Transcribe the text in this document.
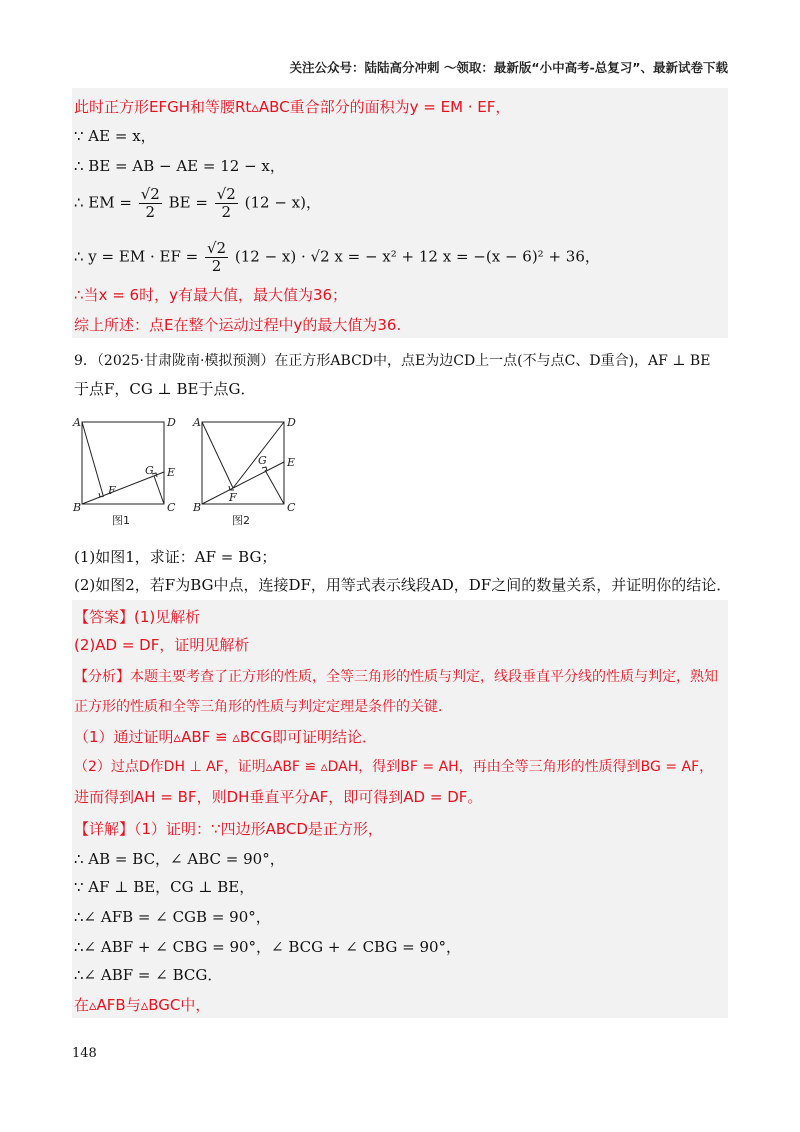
关注公众号：陆陆高分冲刺 ～领取：最新版“小中高考-总复习”、最新试卷下载
此时正方形EFGH和等腰Rt▵ABC重合部分的面积为y = EM · EF，
∵ AE = x，
∴ BE = AB − AE = 12 − x，
∴ EM = $\frac{√2}{2}$ BE = $\frac{√2}{2} (12 - x)$，
∴ y = EM · EF = $\frac{√2}{2} (12 - x) \cdot √2$ x = − x² + 12 x = −(x − 6)² + 36，
∴当x = 6时，y有最大值，最大值为36；
综上所述：点E在整个运动过程中y的最大值为36.
9．（2025·甘肃陇南·模拟预测）在正方形ABCD中，点E为边CD上一点(不与点C、D重合)，AF ⊥ BE
于点F，CG ⊥ BE于点G．
A
B	C
D
E
F
G
图1
A
B	C
D
E
F
G
图2
(1)如图1，求证：AF = BG；
(2)如图2，若F为BG中点，连接DF，用等式表示线段AD，DF之间的数量关系，并证明你的结论．
【答案】(1)见解析
(2)AD = DF，证明见解析
【分析】本题主要考查了正方形的性质，全等三角形的性质与判定，线段垂直平分线的性质与判定，熟知
正方形的性质和全等三角形的性质与判定定理是条件的关键．
（1）通过证明▵ABF ≌ ▵BCG即可证明结论．
（2）过点D作DH ⊥ AF，证明▵ABF ≌ ▵DAH，得到BF = AH，再由全等三角形的性质得到BG = AF，
进而得到AH = BF，则DH垂直平分AF，即可得到AD = DF。
【详解】（1）证明：∵四边形ABCD是正方形，
∴ AB = BC，∠ ABC = 90°，
∵ AF ⊥ BE，CG ⊥ BE，
∴∠ AFB = ∠ CGB = 90°，
∴∠ ABF + ∠ CBG = 90°，∠ BCG + ∠ CBG = 90°，
∴∠ ABF = ∠ BCG．
在▵AFB与▵BGC中，
148
